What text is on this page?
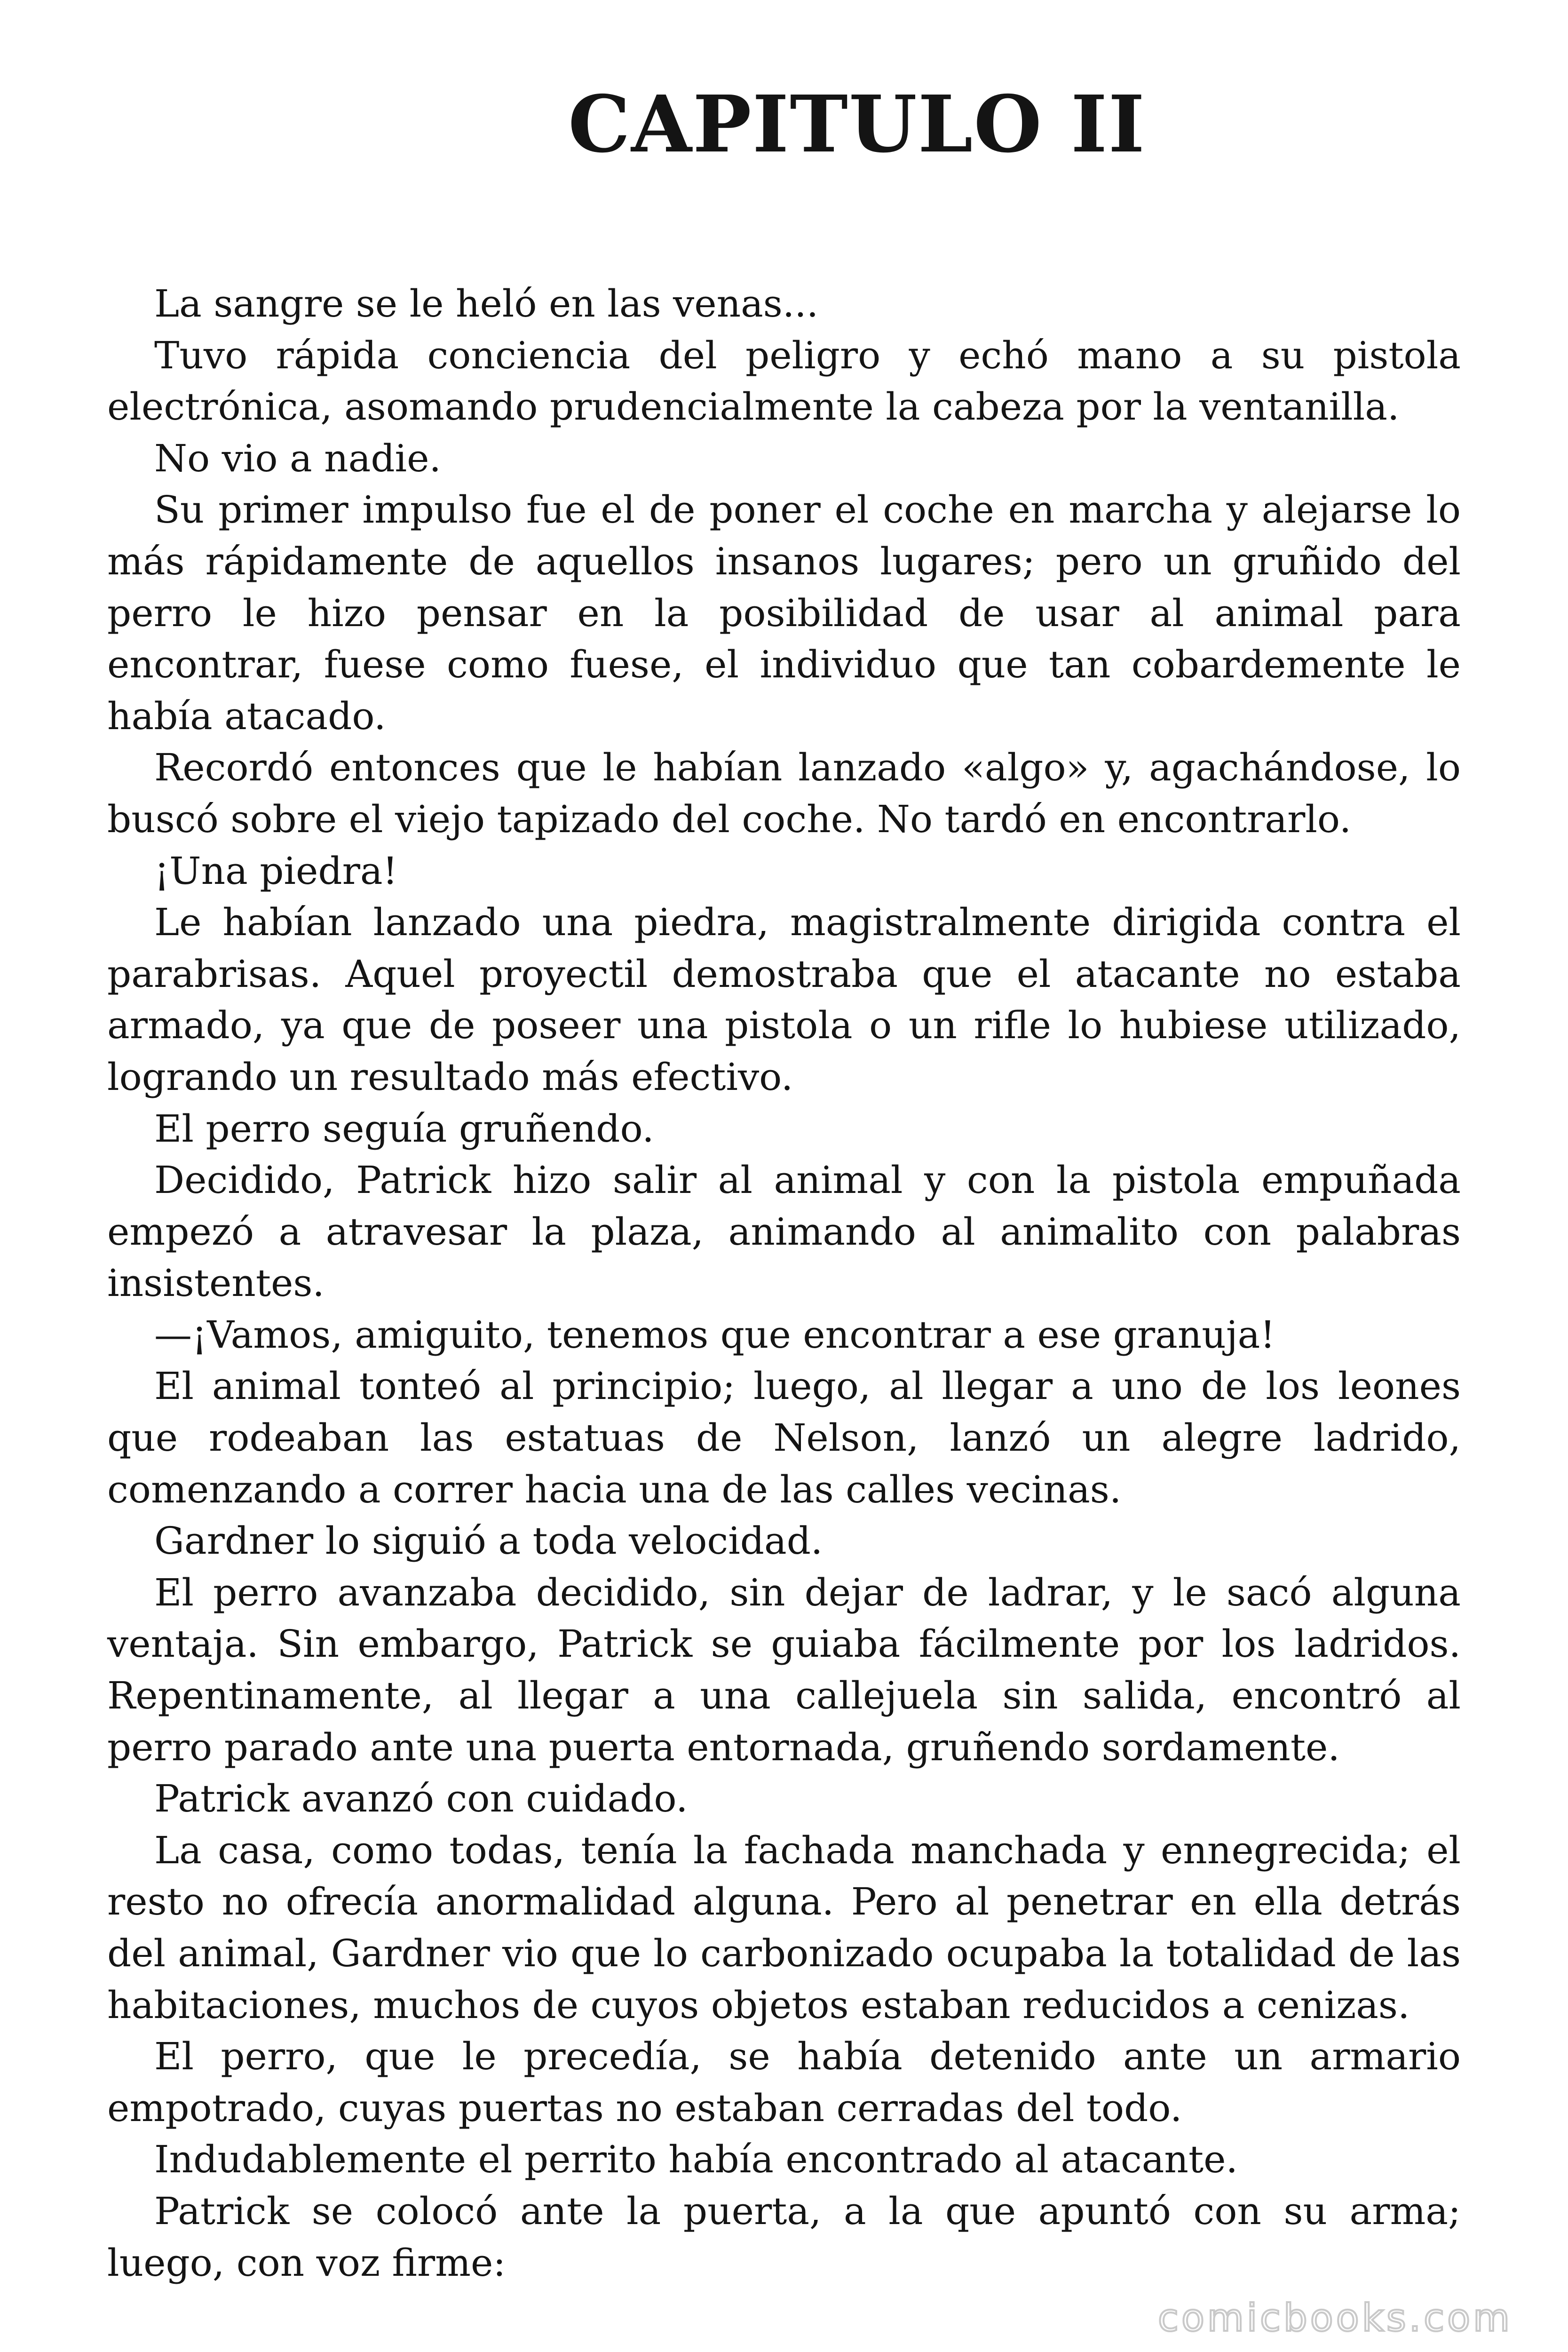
CAPITULO II

La sangre se le heló en las venas...

Tuvo rápida conciencia del peligro y echó mano a su pistola electrónica, asomando prudencialmente la cabeza por la ventanilla.

No vio a nadie.

Su primer impulso fue el de poner el coche en marcha y alejarse lo más rápidamente de aquellos insanos lugares; pero un gruñido del perro le hizo pensar en la posibilidad de usar al animal para encontrar, fuese como fuese, el individuo que tan cobardemente le había atacado.

Recordó entonces que le habían lanzado «algo» y, agachándose, lo buscó sobre el viejo tapizado del coche. No tardó en encontrarlo.

¡Una piedra!

Le habían lanzado una piedra, magistralmente dirigida contra el parabrisas. Aquel proyectil demostraba que el atacante no estaba armado, ya que de poseer una pistola o un rifle lo hubiese utilizado, logrando un resultado más efectivo.

El perro seguía gruñendo.

Decidido, Patrick hizo salir al animal y con la pistola empuñada empezó a atravesar la plaza, animando al animalito con palabras insistentes.

—¡Vamos, amiguito, tenemos que encontrar a ese granuja!

El animal tonteó al principio; luego, al llegar a uno de los leones que rodeaban las estatuas de Nelson, lanzó un alegre ladrido, comenzando a correr hacia una de las calles vecinas.

Gardner lo siguió a toda velocidad.

El perro avanzaba decidido, sin dejar de ladrar, y le sacó alguna ventaja. Sin embargo, Patrick se guiaba fácilmente por los ladridos. Repentinamente, al llegar a una callejuela sin salida, encontró al perro parado ante una puerta entornada, gruñendo sordamente.

Patrick avanzó con cuidado.

La casa, como todas, tenía la fachada manchada y ennegrecida; el resto no ofrecía anormalidad alguna. Pero al penetrar en ella detrás del animal, Gardner vio que lo carbonizado ocupaba la totalidad de las habitaciones, muchos de cuyos objetos estaban reducidos a cenizas.

El perro, que le precedía, se había detenido ante un armario empotrado, cuyas puertas no estaban cerradas del todo.

Indudablemente el perrito había encontrado al atacante.

Patrick se colocó ante la puerta, a la que apuntó con su arma; luego, con voz firme:

comicbooks.com
